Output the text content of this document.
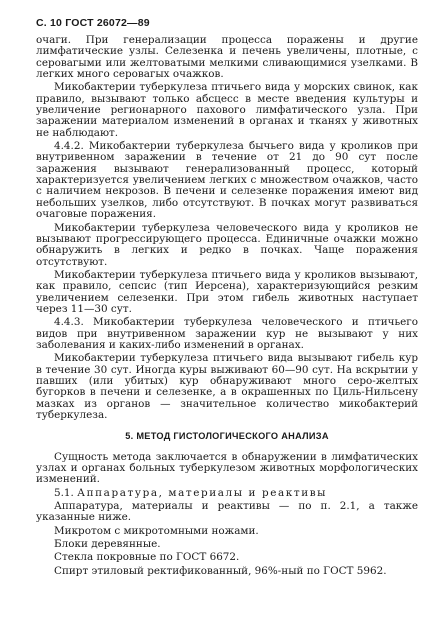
С. 10 ГОСТ 26072—89

очаги. При генерализации процесса поражены и другие лимфатические узлы. Селезенка и печень увеличены, плотные, с серовагыми или желтоватыми мелкими сливающимися узелками. В легких много серовагых очажков.

Микобактерии туберкулеза птичьего вида у морских свинок, как правило, вызывают только абсцесс в месте введения культуры и увеличение регионарного пахового лимфатического узла. При заражении материалом изменений в органах и тканях у животных не наблюдают.

4.4.2. Микобактерии туберкулеза бычьего вида у кроликов при внутривенном заражении в течение от 21 до 90 сут после заражения вызывают генерализованный процесс, который характеризуется увеличением легких с множеством очажков, часто с наличием некрозов. В печени и селезенке поражения имеют вид небольших узелков, либо отсутствуют. В почках могут развиваться очаговые поражения.

Микобактерии туберкулеза человеческого вида у кроликов не вызывают прогрессирующего процесса. Единичные очажки можно обнаружить в легких и редко в почках. Чаще поражения отсутствуют.

Микобактерии туберкулеза птичьего вида у кроликов вызывают, как правило, сепсис (тип Иерсена), характеризующийся резким увеличением селезенки. При этом гибель животных наступает через 11—30 сут.

4.4.3. Микобактерии туберкулеза человеческого и птичьего видов при внутривенном заражении кур не вызывают у них заболевания и каких-либо изменений в органах.

Микобактерии туберкулеза птичьего вида вызывают гибель кур в течение 30 сут. Иногда куры выживают 60—90 сут. На вскрытии у павших (или убитых) кур обнаруживают много серо-желтых бугорков в печени и селезенке, а в окрашенных по Циль-Нильсену мазках из органов — значительное количество микобактерий туберкулеза.

5. МЕТОД ГИСТОЛОГИЧЕСКОГО АНАЛИЗА

Сущность метода заключается в обнаружении в лимфатических узлах и органах больных туберкулезом животных морфологических изменений.

5.1. Аппаратура, материалы и реактивы

Аппаратура, материалы и реактивы — по п. 2.1, а также указанные ниже.

Микротом с микротомными ножами.

Блоки деревянные.

Стекла покровные по ГОСТ 6672.

Спирт этиловый ректификованный, 96%-ный по ГОСТ 5962.
